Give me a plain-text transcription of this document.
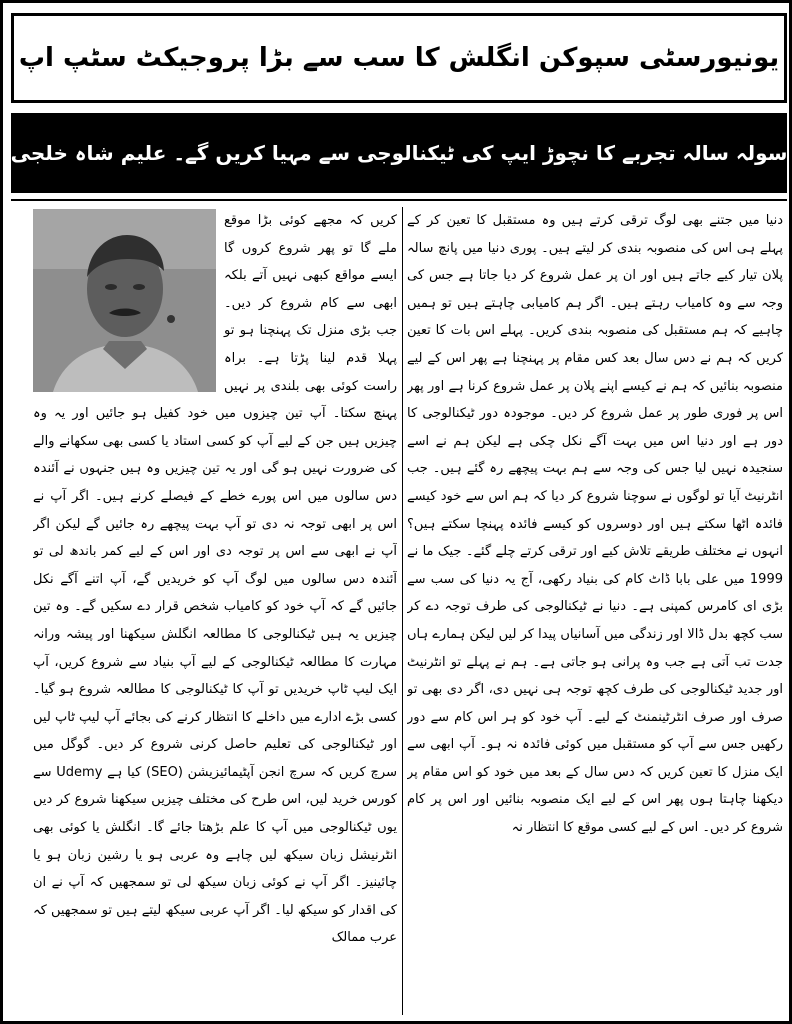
یونیورسٹی سپوکن انگلش کا سب سے بڑا پروجیکٹ سٹپ اپ
سولہ سالہ تجربے کا نچوڑ ایپ کی ٹیکنالوجی سے مہیا کریں گے۔ علیم شاہ خلجی

دنیا میں جتنے بھی لوگ ترقی کرتے ہیں وہ مستقبل کا تعین کر کے پہلے ہی اس کی منصوبہ بندی کر لیتے ہیں۔ پوری دنیا میں پانچ سالہ پلان تیار کیے جاتے ہیں اور ان پر عمل شروع کر دیا جاتا ہے جس کی وجہ سے وہ کامیاب رہتے ہیں۔ اگر ہم کامیابی چاہتے ہیں تو ہمیں چاہیے کہ ہم مستقبل کی منصوبہ بندی کریں۔ پہلے اس بات کا تعین کریں کہ ہم نے دس سال بعد کس مقام پر پہنچنا ہے پھر اس کے لیے منصوبہ بنائیں کہ ہم نے کیسے اپنے پلان پر عمل شروع کرنا ہے اور پھر اس پر فوری طور پر عمل شروع کر دیں۔ موجودہ دور ٹیکنالوجی کا دور ہے اور دنیا اس میں بہت آگے نکل چکی ہے لیکن ہم نے اسے سنجیدہ نہیں لیا جس کی وجہ سے ہم بہت پیچھے رہ گئے ہیں۔ جب انٹرنیٹ آیا تو لوگوں نے سوچنا شروع کر دیا کہ ہم اس سے خود کیسے فائدہ اٹھا سکتے ہیں اور دوسروں کو کیسے فائدہ پہنچا سکتے ہیں؟ انہوں نے مختلف طریقے تلاش کیے اور ترقی کرتے چلے گئے۔ جیک ما نے 1999 میں علی بابا ڈاٹ کام کی بنیاد رکھی، آج یہ دنیا کی سب سے بڑی ای کامرس کمپنی ہے۔ دنیا نے ٹیکنالوجی کی طرف توجہ دے کر سب کچھ بدل ڈالا اور زندگی میں آسانیاں پیدا کر لیں لیکن ہمارے ہاں جدت تب آتی ہے جب وہ پرانی ہو جاتی ہے۔ ہم نے پہلے تو انٹرنیٹ اور جدید ٹیکنالوجی کی طرف کچھ توجہ ہی نہیں دی، اگر دی بھی تو صرف اور صرف انٹرٹینمنٹ کے لیے۔ آپ خود کو ہر اس کام سے دور رکھیں جس سے آپ کو مستقبل میں کوئی فائدہ نہ ہو۔ آپ ابھی سے ایک منزل کا تعین کریں کہ دس سال کے بعد میں خود کو اس مقام پر دیکھنا چاہتا ہوں پھر اس کے لیے ایک منصوبہ بنائیں اور اس پر کام شروع کر دیں۔ اس کے لیے کسی موقع کا انتظار نہ

کریں کہ مجھے کوئی بڑا موقع ملے گا تو پھر شروع کروں گا ایسے مواقع کبھی نہیں آتے بلکہ ابھی سے کام شروع کر دیں۔ جب بڑی منزل تک پہنچنا ہو تو پہلا قدم لینا پڑتا ہے۔ براہ راست کوئی بھی بلندی پر نہیں پہنچ سکتا۔ آپ تین چیزوں میں خود کفیل ہو جائیں اور یہ وہ چیزیں ہیں جن کے لیے آپ کو کسی استاد یا کسی بھی سکھانے والے کی ضرورت نہیں ہو گی اور یہ تین چیزیں وہ ہیں جنہوں نے آئندہ دس سالوں میں اس پورے خطے کے فیصلے کرنے ہیں۔ اگر آپ نے اس پر ابھی توجہ نہ دی تو آپ بہت پیچھے رہ جائیں گے لیکن اگر آپ نے ابھی سے اس پر توجہ دی اور اس کے لیے کمر باندھ لی تو آئندہ دس سالوں میں لوگ آپ کو خریدیں گے، آپ اتنے آگے نکل جائیں گے کہ آپ خود کو کامیاب شخص قرار دے سکیں گے۔ وہ تین چیزیں یہ ہیں ٹیکنالوجی کا مطالعہ انگلش سیکھنا اور پیشہ ورانہ مہارت کا مطالعہ ٹیکنالوجی کے لیے آپ بنیاد سے شروع کریں، آپ ایک لیپ ٹاپ خریدیں تو آپ کا ٹیکنالوجی کا مطالعہ شروع ہو گیا۔ کسی بڑے ادارے میں داخلے کا انتظار کرنے کی بجائے آپ لیپ ٹاپ لیں اور ٹیکنالوجی کی تعلیم حاصل کرنی شروع کر دیں۔ گوگل میں سرچ کریں کہ سرچ انجن آپٹیمائیزیشن (SEO) کیا ہے Udemy سے کورس خرید لیں، اس طرح کی مختلف چیزیں سیکھنا شروع کر دیں یوں ٹیکنالوجی میں آپ کا علم بڑھتا جائے گا۔ انگلش یا کوئی بھی انٹرنیشل زبان سیکھ لیں چاہے وہ عربی ہو یا رشین زبان ہو یا چائینیز۔ اگر آپ نے کوئی زبان سیکھ لی تو سمجھیں کہ آپ نے ان کی اقدار کو سیکھ لیا۔ اگر آپ عربی سیکھ لیتے ہیں تو سمجھیں کہ عرب ممالک
